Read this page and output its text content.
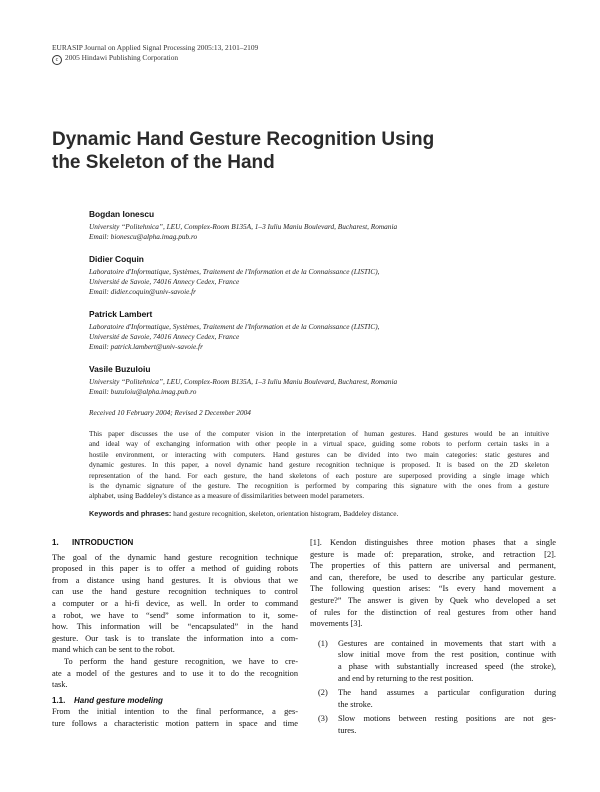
EURASIP Journal on Applied Signal Processing 2005:13, 2101–2109
c 2005 Hindawi Publishing Corporation
Dynamic Hand Gesture Recognition Using
the Skeleton of the Hand
Bogdan Ionescu
University “Politehnica”, LEU, Complex-Room B135A, 1–3 Iuliu Maniu Boulevard, Bucharest, Romania
Email: bionescu@alpha.imag.pub.ro
Didier Coquin
Laboratoire d'Informatique, Systèmes, Traitement de l'Information et de la Connaissance (LISTIC),
Université de Savoie, 74016 Annecy Cedex, France
Email: didier.coquin@univ-savoie.fr
Patrick Lambert
Laboratoire d'Informatique, Systèmes, Traitement de l'Information et de la Connaissance (LISTIC),
Université de Savoie, 74016 Annecy Cedex, France
Email: patrick.lambert@univ-savoie.fr
Vasile Buzuloiu
University “Politehnica”, LEU, Complex-Room B135A, 1–3 Iuliu Maniu Boulevard, Bucharest, Romania
Email: buzuloiu@alpha.imag.pub.ro
Received 10 February 2004; Revised 2 December 2004
This paper discusses the use of the computer vision in the interpretation of human gestures. Hand gestures would be an intuitive
and ideal way of exchanging information with other people in a virtual space, guiding some robots to perform certain tasks in a
hostile environment, or interacting with computers. Hand gestures can be divided into two main categories: static gestures and
dynamic gestures. In this paper, a novel dynamic hand gesture recognition technique is proposed. It is based on the 2D skeleton
representation of the hand. For each gesture, the hand skeletons of each posture are superposed providing a single image which
is the dynamic signature of the gesture. The recognition is performed by comparing this signature with the ones from a gesture
alphabet, using Baddeley's distance as a measure of dissimilarities between model parameters.
Keywords and phrases: hand gesture recognition, skeleton, orientation histogram, Baddeley distance.
1. INTRODUCTION
The goal of the dynamic hand gesture recognition technique
proposed in this paper is to offer a method of guiding robots
from a distance using hand gestures. It is obvious that we
can use the hand gesture recognition techniques to control
a computer or a hi-fi device, as well. In order to command
a robot, we have to “send” some information to it, some-
how. This information will be “encapsulated” in the hand
gesture. Our task is to translate the information into a com-
mand which can be sent to the robot.
To perform the hand gesture recognition, we have to cre-
ate a model of the gestures and to use it to do the recognition
task.
1.1. Hand gesture modeling
From the initial intention to the final performance, a ges-
ture follows a characteristic motion pattern in space and time
[1]. Kendon distinguishes three motion phases that a single
gesture is made of: preparation, stroke, and retraction [2].
The properties of this pattern are universal and permanent,
and can, therefore, be used to describe any particular gesture.
The following question arises: “Is every hand movement a
gesture?” The answer is given by Quek who developed a set
of rules for the distinction of real gestures from other hand
movements [3].
(1) Gestures are contained in movements that start with a
slow initial move from the rest position, continue with
a phase with substantially increased speed (the stroke),
and end by returning to the rest position.
(2) The hand assumes a particular configuration during
the stroke.
(3) Slow motions between resting positions are not ges-
tures.
